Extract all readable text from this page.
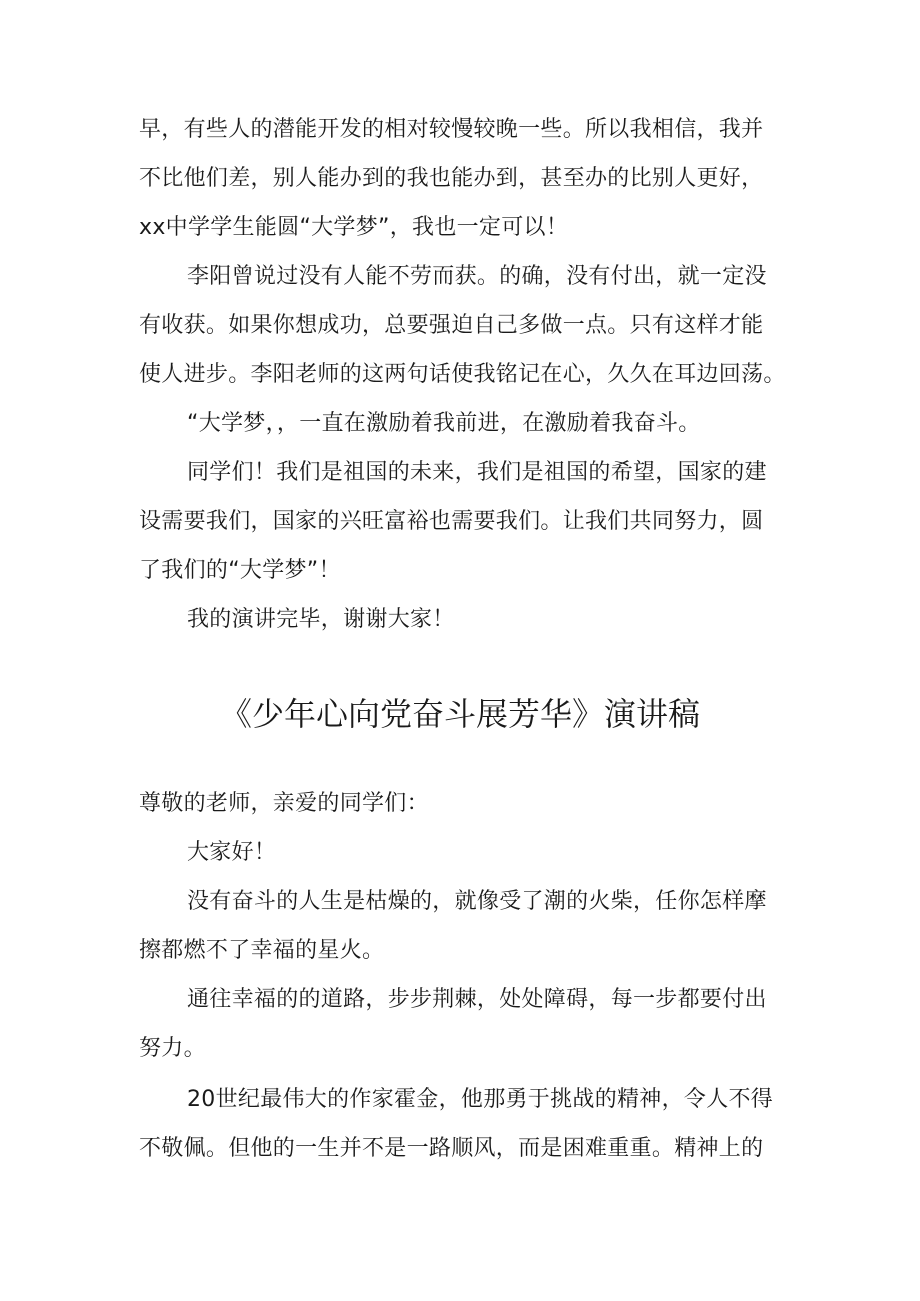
早，有些人的潜能开发的相对较慢较晚一些。所以我相信，我并
不比他们差，别人能办到的我也能办到，甚至办的比别人更好，
xx中学学生能圆“大学梦”，我也一定可以！
李阳曾说过没有人能不劳而获。的确，没有付出，就一定没
有收获。如果你想成功，总要强迫自己多做一点。只有这样才能
使人进步。李阳老师的这两句话使我铭记在心，久久在耳边回荡。
“大学梦，，一直在激励着我前进，在激励着我奋斗。
同学们！我们是祖国的未来，我们是祖国的希望，国家的建
设需要我们，国家的兴旺富裕也需要我们。让我们共同努力，圆
了我们的“大学梦”！
我的演讲完毕，谢谢大家！
《少年心向党奋斗展芳华》演讲稿
尊敬的老师，亲爱的同学们：
大家好！
没有奋斗的人生是枯燥的，就像受了潮的火柴，任你怎样摩
擦都燃不了幸福的星火。
通往幸福的的道路，步步荆棘，处处障碍，每一步都要付出
努力。
20世纪最伟大的作家霍金，他那勇于挑战的精神，令人不得
不敬佩。但他的一生并不是一路顺风，而是困难重重。精神上的
